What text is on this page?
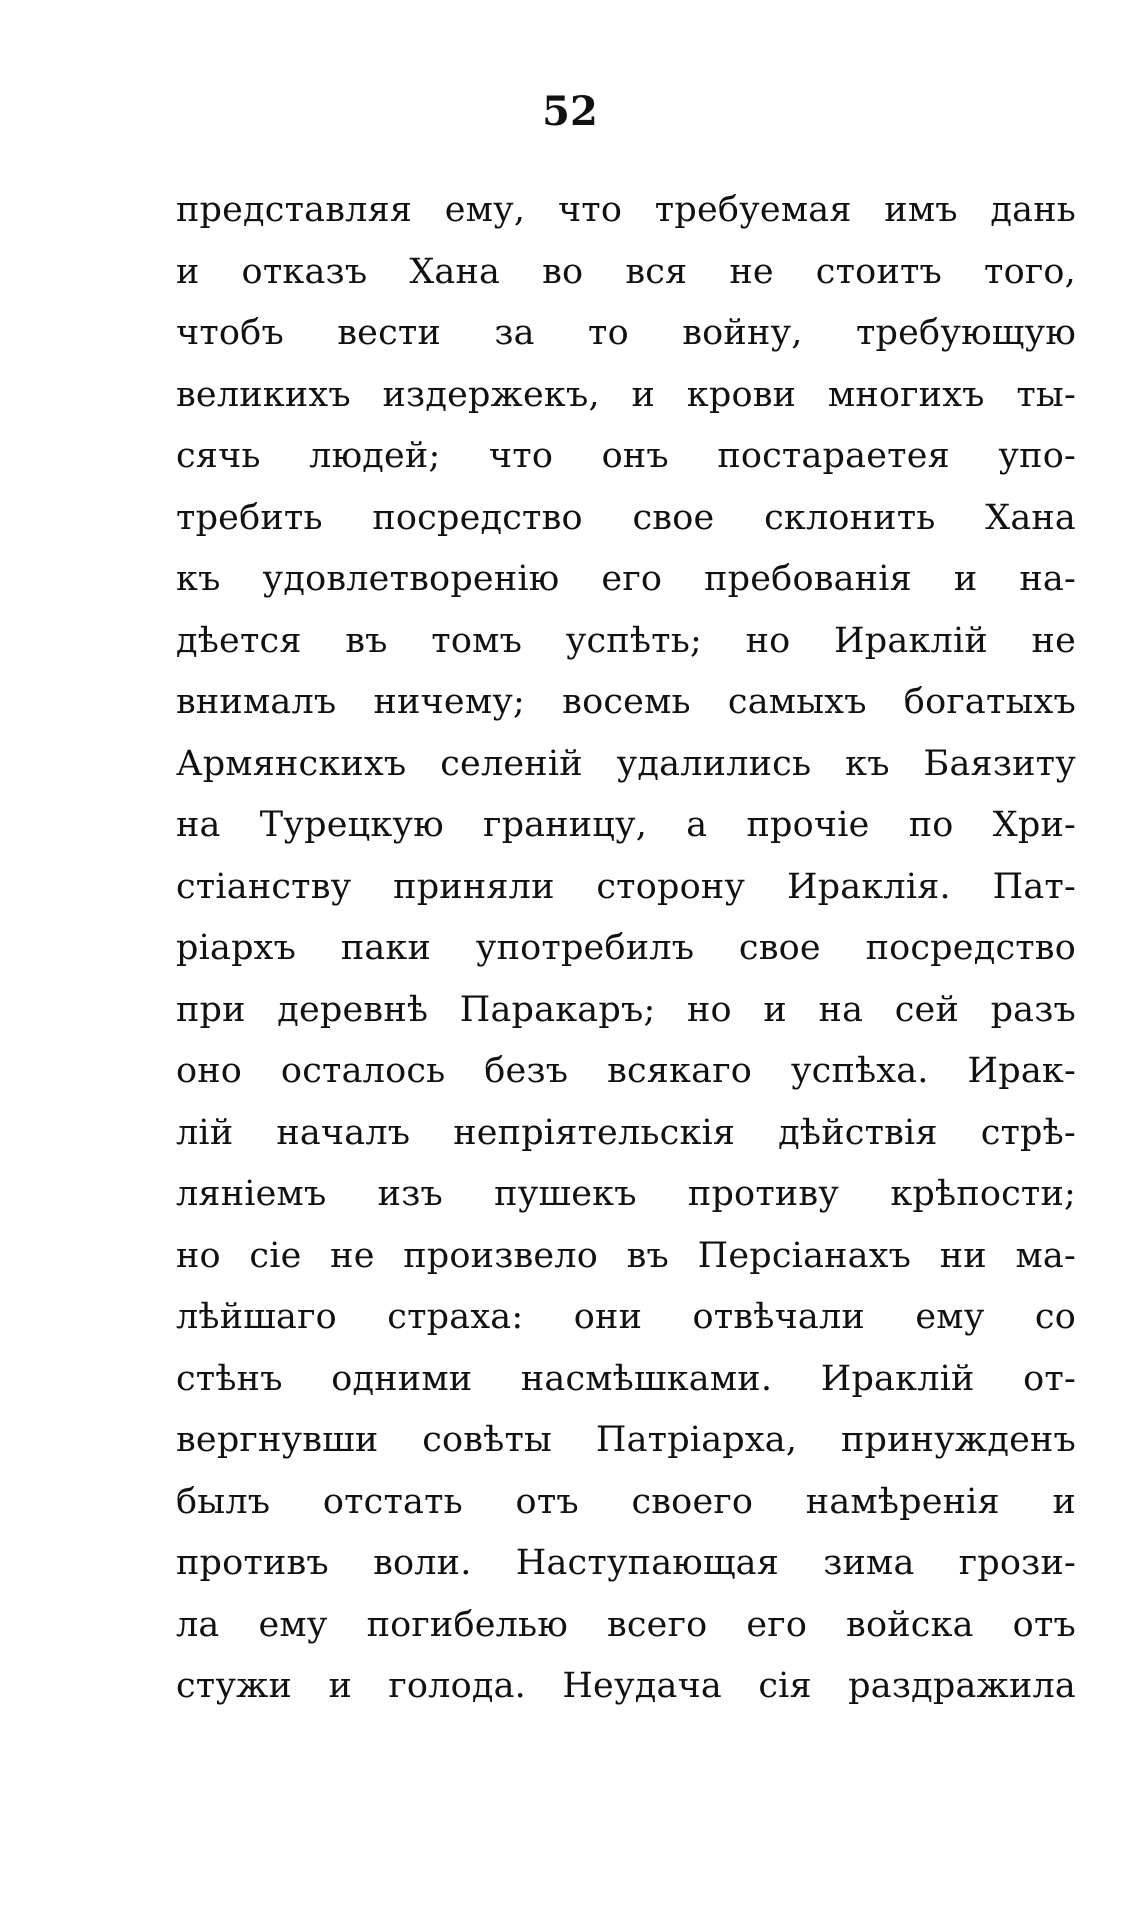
52
представляя ему, что требуемая имъ дань
и отказъ Хана во вся не стоитъ того,
чтобъ вести за то войну, требующую
великихъ издержекъ, и крови многихъ ты-
сячь людей; что онъ постараетея упо-
требить посредство свое склонить Хана
къ удовлетворенію его пребованія и на-
дѣется въ томъ успѣть; но Ираклій не
внималъ ничему; восемь самыхъ богатыхъ
Армянскихъ селеній удалились къ Баязиту
на Турецкую границу, а прочіе по Хри-
стіанству приняли сторону Ираклія. Пат-
ріархъ паки употребилъ свое посредство
при деревнѣ Паракаръ; но и на сей разъ
оно осталось безъ всякаго успѣха. Ирак-
лій началъ непріятельскія дѣйствія стрѣ-
ляніемъ изъ пушекъ противу крѣпости;
но сіе не произвело въ Персіанахъ ни ма-
лѣйшаго страха: они отвѣчали ему со
стѣнъ одними насмѣшками. Ираклій от-
вергнувши совѣты Патріарха, принужденъ
былъ отстать отъ своего намѣренія и
противъ воли. Наступающая зима грози-
ла ему погибелью всего его войска отъ
стужи и голода. Неудача сія раздражила
